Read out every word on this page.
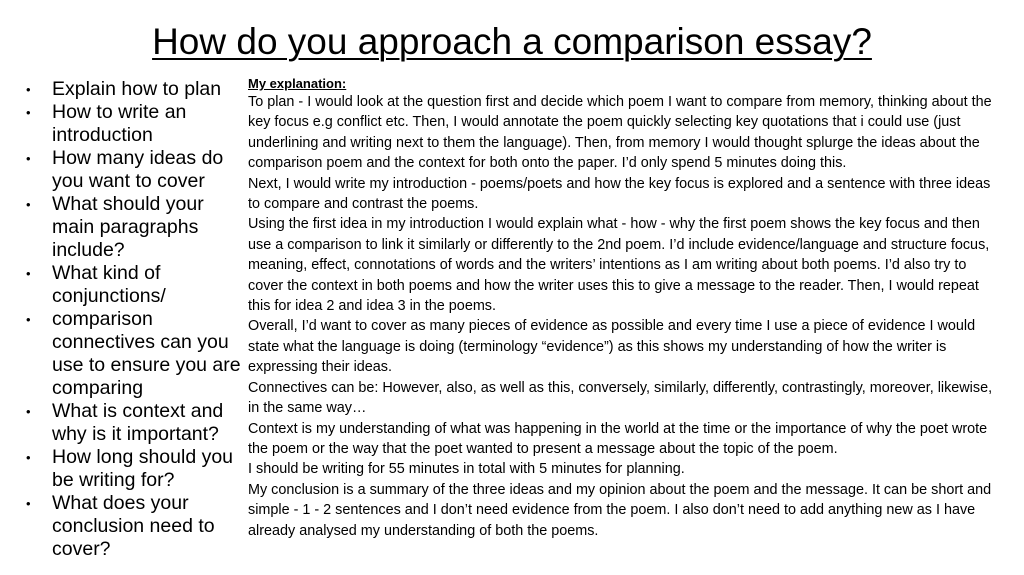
How do you approach a comparison essay?
• Explain how to plan
• How to write an introduction
• How many ideas do you want to cover
• What should your main paragraphs include?
• What kind of conjunctions/
• comparison connectives can you use to ensure you are comparing
• What is context and why is it important?
• How long should you be writing for?
• What does your conclusion need to cover?
My explanation:

To plan - I would look at the question first and decide which poem I want to compare from memory, thinking about the key focus e.g conflict etc. Then, I would annotate the poem quickly selecting key quotations that i could use (just underlining and writing next to them the language). Then, from memory I would thought splurge the ideas about the comparison poem and the context for both onto the paper. I’d only spend 5 minutes doing this.

Next, I would write my introduction - poems/poets and how the key focus is explored and a sentence with three ideas to compare and contrast the poems.

Using the first idea in my introduction I would explain what - how - why the first poem shows the key focus and then use a comparison to link it similarly or differently to the 2nd poem. I’d include evidence/language and structure focus, meaning, effect, connotations of words and the writers’ intentions as I am writing about both poems. I’d also try to cover the context in both poems and how the writer uses this to give a message to the reader. Then, I would repeat this for idea 2 and idea 3 in the poems.

Overall, I’d want to cover as many pieces of evidence as possible and every time I use a piece of evidence I would state what the language is doing (terminology “evidence”) as this shows my understanding of how the writer is expressing their ideas.

Connectives can be: However, also, as well as this, conversely, similarly, differently, contrastingly, moreover, likewise, in the same way…

Context is my understanding of what was happening in the world at the time or the importance of why the poet wrote the poem or the way that the poet wanted to present a message about the topic of the poem.

I should be writing for 55 minutes in total with 5 minutes for planning.

My conclusion is a summary of the three ideas and my opinion about the poem and the message. It can be short and simple - 1 - 2 sentences and I don’t need evidence from the poem. I also don’t need to add anything new as I have already analysed my understanding of both the poems.
